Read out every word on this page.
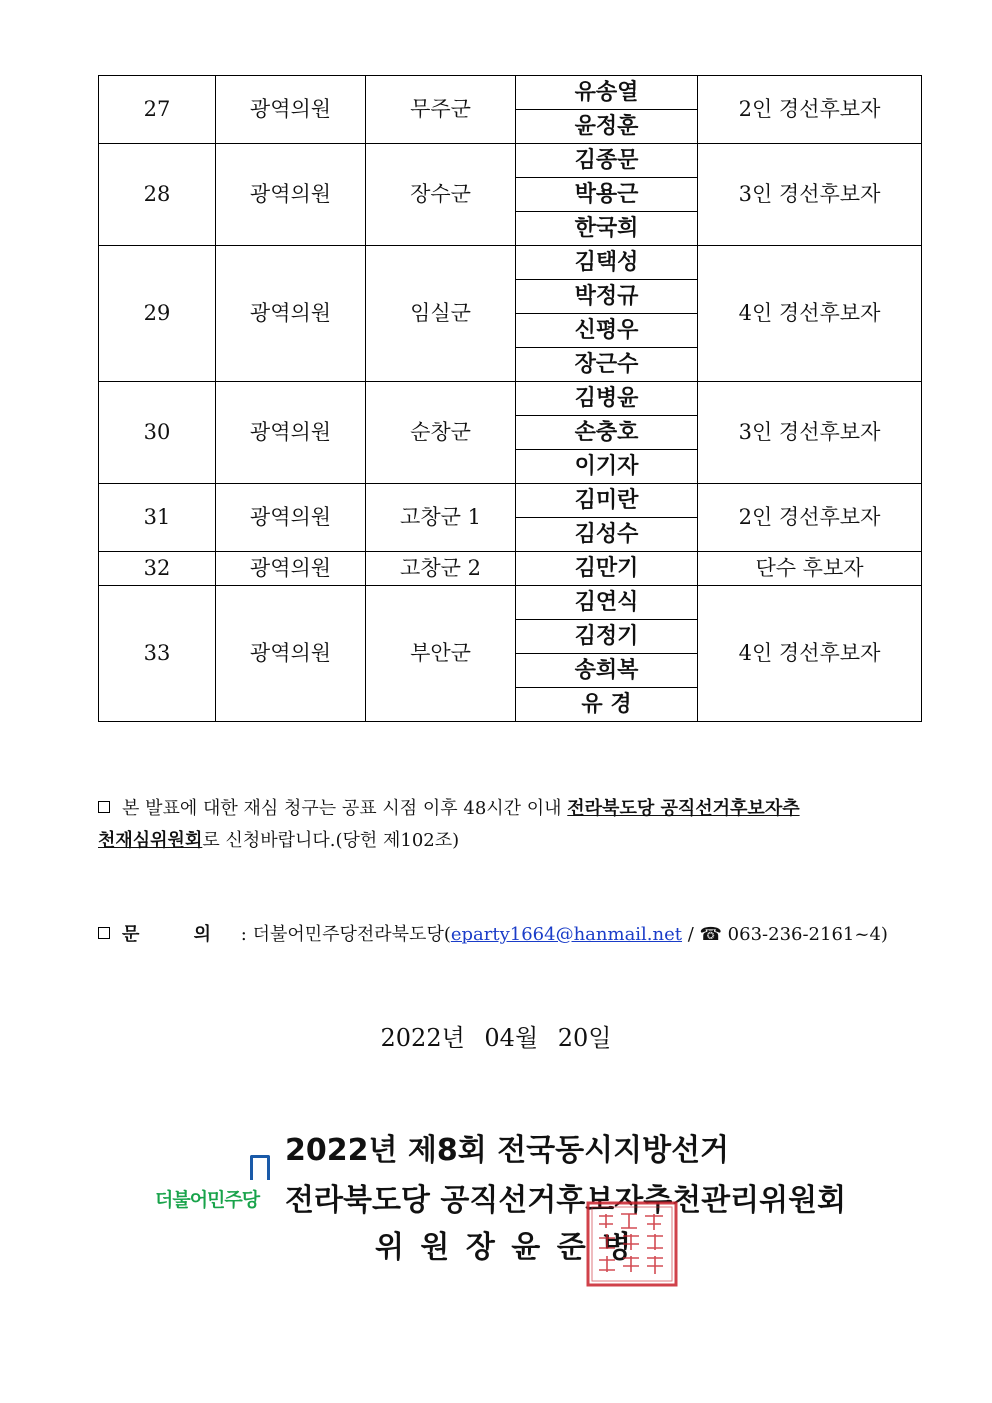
27	광역의원	무주군	유송열	2인 경선후보자
			윤정훈	
28	광역의원	장수군	김종문	3인 경선후보자
			박용근	
			한국희	
29	광역의원	임실군	김택성	4인 경선후보자
			박정규	
			신평우	
			장근수	
30	광역의원	순창군	김병윤	3인 경선후보자
			손충호	
			이기자	
31	광역의원	고창군 1	김미란	2인 경선후보자
			김성수	
32	광역의원	고창군 2	김만기	단수 후보자
33	광역의원	부안군	김연식	4인 경선후보자
			김정기	
			송희복	
			유 경	
본 발표에 대한 재심 청구는 공표 시점 이후 48시간 이내 전라북도당 공직선거후보자추
천재심위원회로 신청바랍니다.(당헌 제102조)
문 의 : 더불어민주당전라북도당(eparty1664@hanmail.net / ☎ 063-236-2161~4)
2022년 04월 20일
2022년 제8회 전국동시지방선거
전라북도당 공직선거후보자추천관리위원회
위 원 장 윤 준 병
더불어민주당
